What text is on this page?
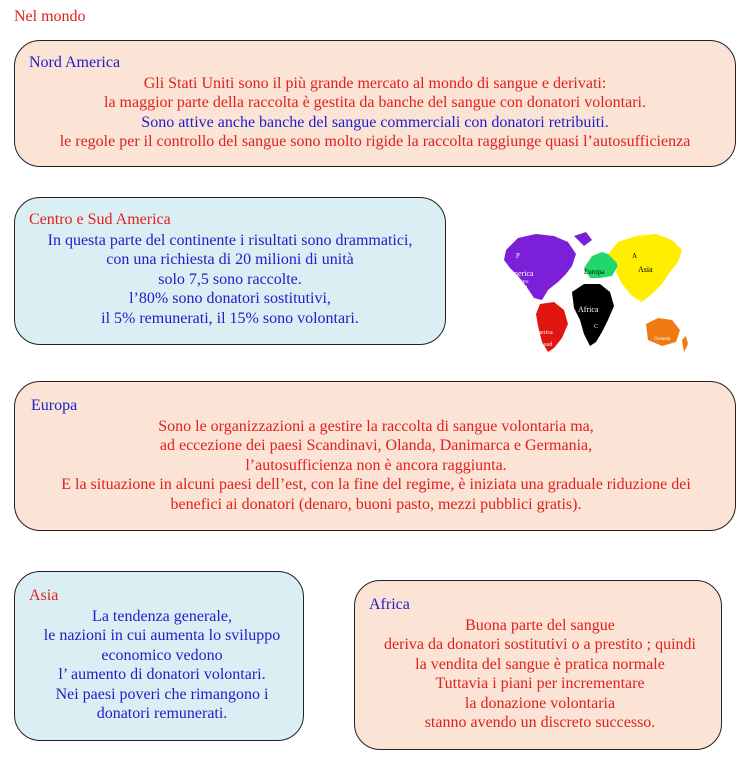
Nel mondo
Nord America
Gli Stati Uniti sono il più grande mercato al mondo di sangue e derivati:
la maggior parte della raccolta è gestita da banche del sangue con donatori volontari.
Sono attive anche banche del sangue commerciali con donatori retribuiti.
le regole per il controllo del sangue sono molto rigide la raccolta raggiunge quasi l’autosufficienza
Centro e Sud America
In questa parte del continente i risultati sono drammatici,
con una richiesta di 20 milioni di unità
solo 7,5 sono raccolte.
l’80% sono donatori sostitutivi,
il 5% remunerati, il 15% sono volontari.
P
America
centro
nord
Europa
A
Asia
Africa
C
America
sud
Oceania
Europa
Sono le organizzazioni a gestire la raccolta di sangue volontaria ma,
ad eccezione dei paesi Scandinavi, Olanda, Danimarca e Germania,
l’autosufficienza non è ancora raggiunta.
E la situazione in alcuni paesi dell’est, con la fine del regime, è iniziata una graduale riduzione dei
benefici ai donatori (denaro, buoni pasto, mezzi pubblici gratis).
Asia
La tendenza generale,
le nazioni in cui aumenta lo sviluppo
economico vedono
l’ aumento di donatori volontari.
Nei paesi poveri che rimangono i
donatori remunerati.
Africa
Buona parte del sangue
deriva da donatori sostitutivi o a prestito ; quindi
la vendita del sangue è pratica normale
Tuttavia i piani per incrementare
la donazione volontaria
stanno avendo un discreto successo.
